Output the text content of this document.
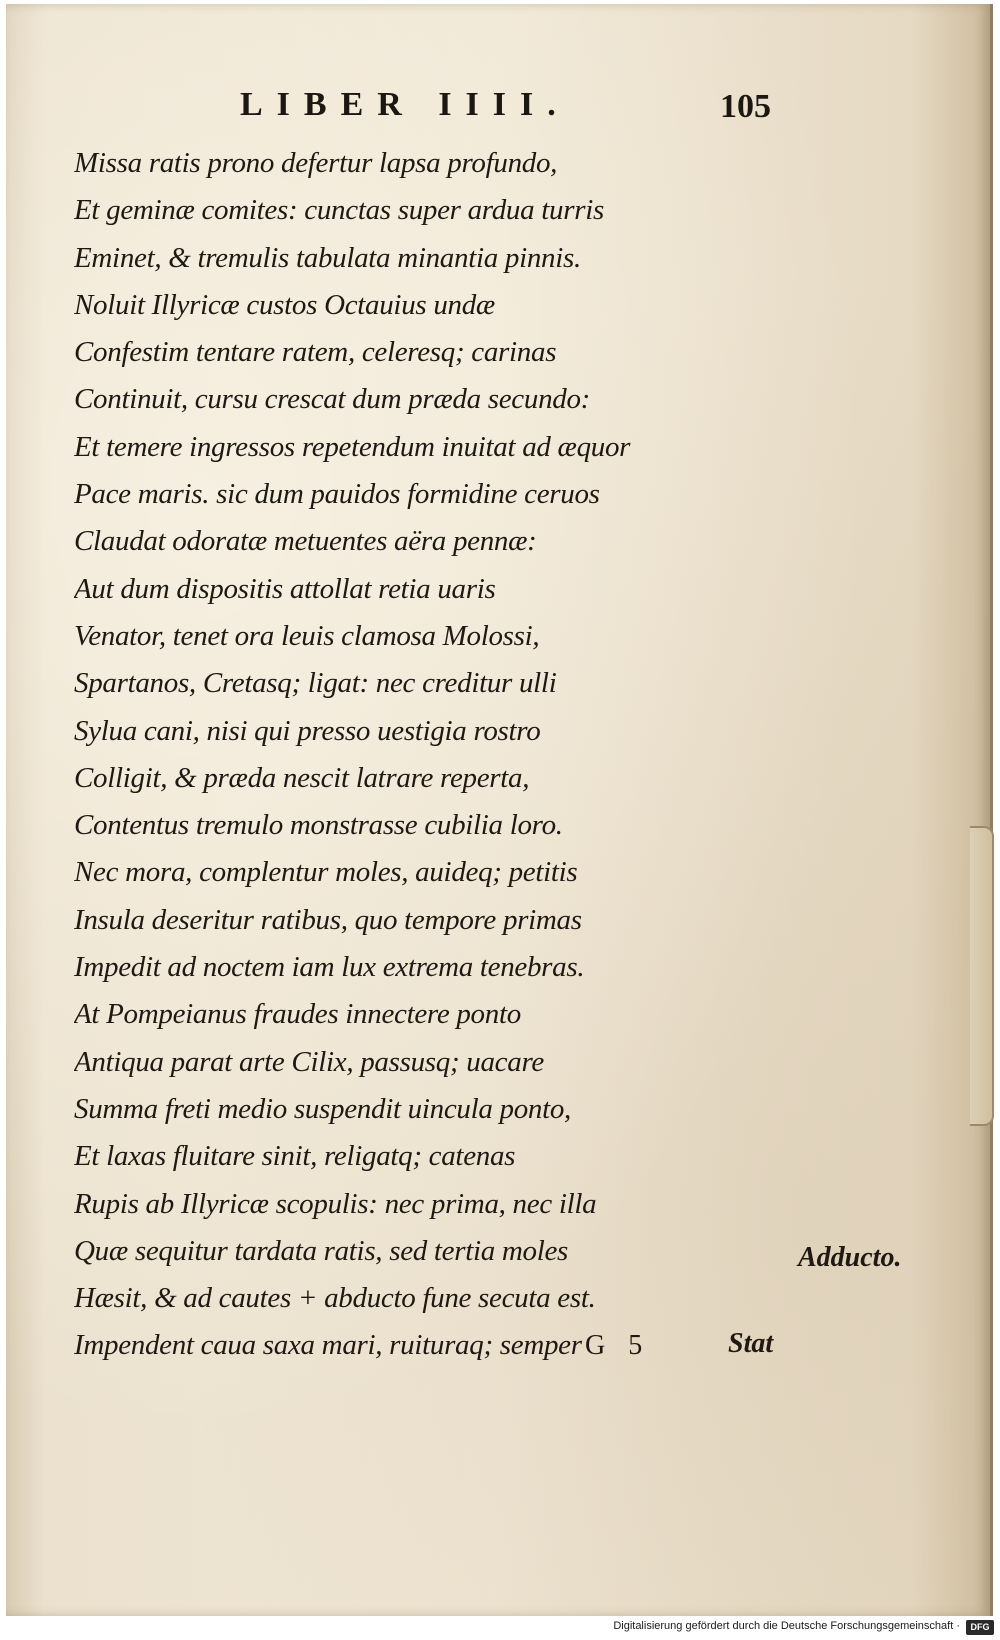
LIBER IIII.	105
Missa ratis prono defertur lapsa profundo,
Et geminæ comites: cunctas super ardua turris
Eminet, & tremulis tabulata minantia pinnis.
Noluit Illyricæ custos Octauius undæ
Confestim tentare ratem, celeresq; carinas
Continuit, cursu crescat dum præda secundo:
Et temere ingressos repetendum inuitat ad æquor
Pace maris. sic dum pauidos formidine ceruos
Claudat odoratæ metuentes aëra pennæ:
Aut dum dispositis attollat retia uaris
Venator, tenet ora leuis clamosa Molossi,
Spartanos, Cretasq; ligat: nec creditur ulli
Sylua cani, nisi qui presso uestigia rostro
Colligit, & præda nescit latrare reperta,
Contentus tremulo monstrasse cubilia loro.
Nec mora, complentur moles, auideq; petitis
Insula deseritur ratibus, quo tempore primas
Impedit ad noctem iam lux extrema tenebras.
At Pompeianus fraudes innectere ponto
Antiqua parat arte Cilix, passusq; uacare
Summa freti medio suspendit uincula ponto,
Et laxas fluitare sinit, religatq; catenas
Rupis ab Illyricæ scopulis: nec prima, nec illa
Quæ sequitur tardata ratis, sed tertia moles
Hæsit, & ad cautes + abducto fune secuta est.
Impendent caua saxa mari, ruituraq; semper
Adducto.
G 5	Stat
Digitalisierung gefördert durch die Deutsche Forschungsgemeinschaft ·	DFG
